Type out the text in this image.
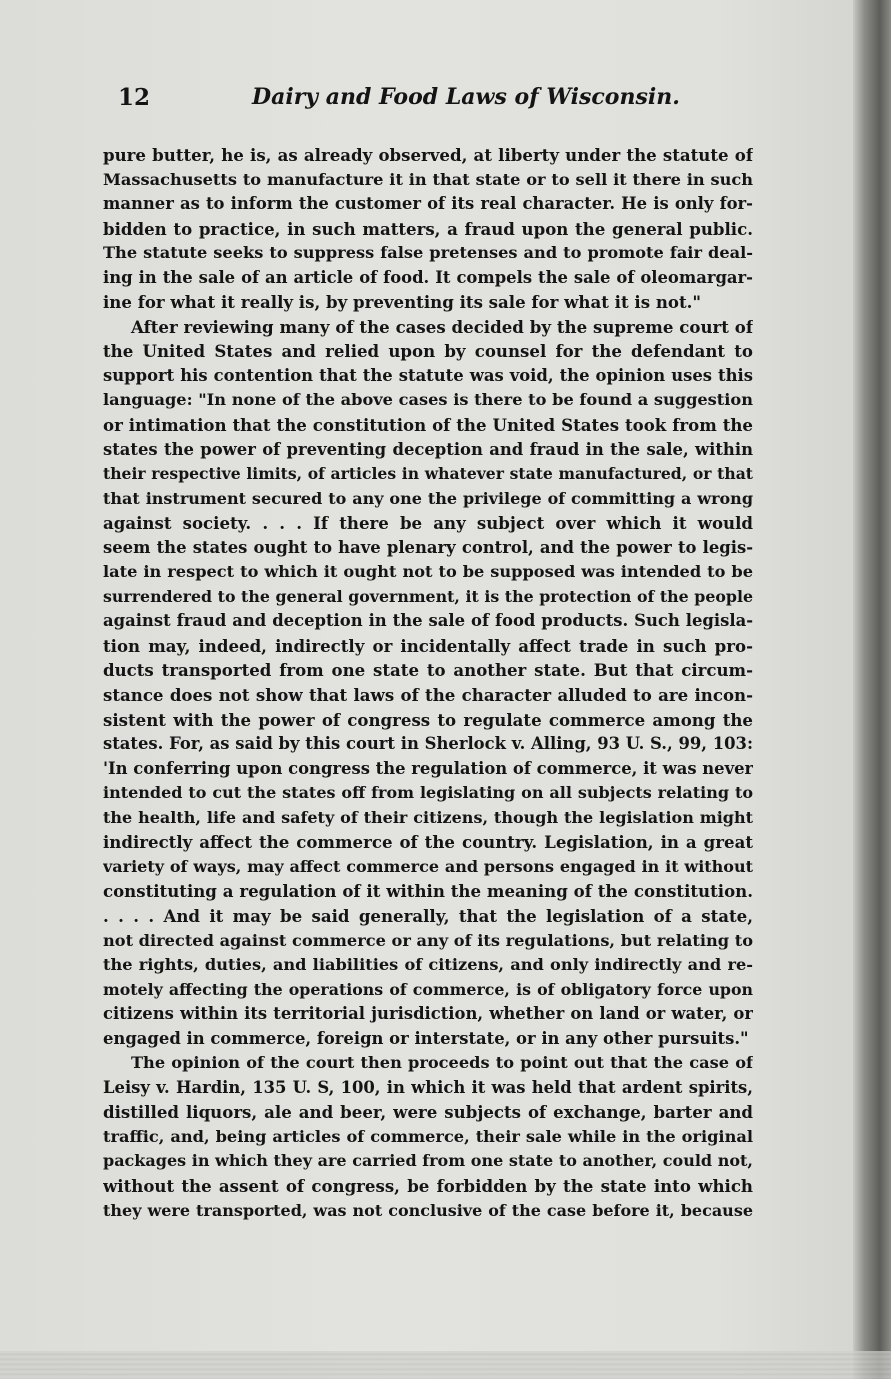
12	Dairy and Food Laws of Wisconsin.
pure butter, he is, as already observed, at liberty under the statute of
Massachusetts to manufacture it in that state or to sell it there in such
manner as to inform the customer of its real character. He is only for-
bidden to practice, in such matters, a fraud upon the general public.
The statute seeks to suppress false pretenses and to promote fair deal-
ing in the sale of an article of food. It compels the sale of oleomargar-
ine for what it really is, by preventing its sale for what it is not."
After reviewing many of the cases decided by the supreme court of
the United States and relied upon by counsel for the defendant to
support his contention that the statute was void, the opinion uses this
language: "In none of the above cases is there to be found a suggestion
or intimation that the constitution of the United States took from the
states the power of preventing deception and fraud in the sale, within
their respective limits, of articles in whatever state manufactured, or that
that instrument secured to any one the privilege of committing a wrong
against society. . . . If there be any subject over which it would
seem the states ought to have plenary control, and the power to legis-
late in respect to which it ought not to be supposed was intended to be
surrendered to the general government, it is the protection of the people
against fraud and deception in the sale of food products. Such legisla-
tion may, indeed, indirectly or incidentally affect trade in such pro-
ducts transported from one state to another state. But that circum-
stance does not show that laws of the character alluded to are incon-
sistent with the power of congress to regulate commerce among the
states. For, as said by this court in Sherlock v. Alling, 93 U. S., 99, 103:
'In conferring upon congress the regulation of commerce, it was never
intended to cut the states off from legislating on all subjects relating to
the health, life and safety of their citizens, though the legislation might
indirectly affect the commerce of the country. Legislation, in a great
variety of ways, may affect commerce and persons engaged in it without
constituting a regulation of it within the meaning of the constitution.
. . . . And it may be said generally, that the legislation of a state,
not directed against commerce or any of its regulations, but relating to
the rights, duties, and liabilities of citizens, and only indirectly and re-
motely affecting the operations of commerce, is of obligatory force upon
citizens within its territorial jurisdiction, whether on land or water, or
engaged in commerce, foreign or interstate, or in any other pursuits."
The opinion of the court then proceeds to point out that the case of
Leisy v. Hardin, 135 U. S, 100, in which it was held that ardent spirits,
distilled liquors, ale and beer, were subjects of exchange, barter and
traffic, and, being articles of commerce, their sale while in the original
packages in which they are carried from one state to another, could not,
without the assent of congress, be forbidden by the state into which
they were transported, was not conclusive of the case before it, because
